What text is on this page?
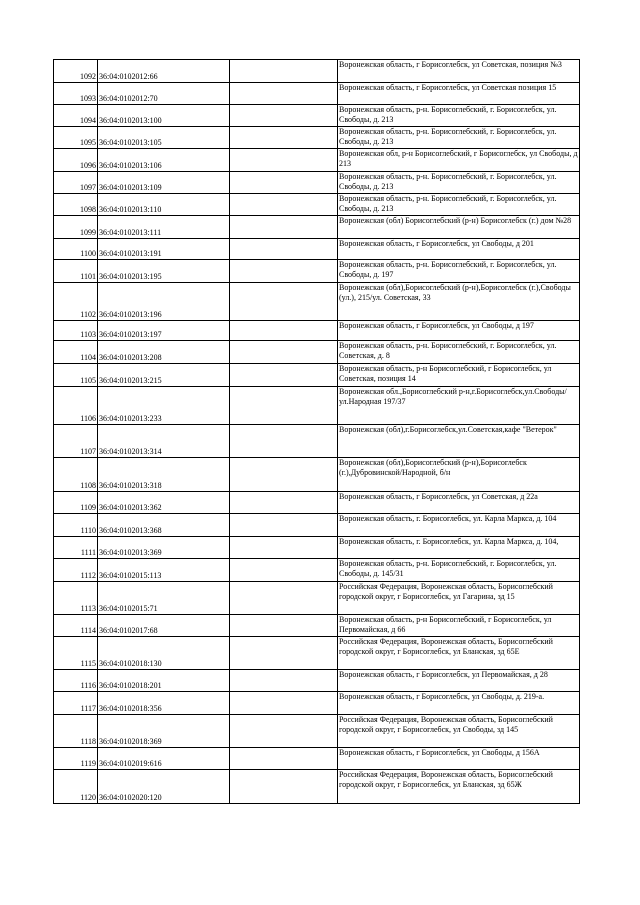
1092	36:04:0102012:66		Воронежская область, г Борисоглебск, ул Советская, позиция №3
1093	36:04:0102012:70		Воронежская область, г Борисоглебск, ул Советская позиция 15
1094	36:04:0102013:100		Воронежская область, р-н. Борисоглебский, г. Борисоглебск, ул. Свободы, д. 213
1095	36:04:0102013:105		Воронежская область, р-н. Борисоглебский, г. Борисоглебск, ул. Свободы, д. 213
1096	36:04:0102013:106		Воронежская обл, р-н Борисоглебский, г Борисоглебск, ул Свободы, д 213
1097	36:04:0102013:109		Воронежская область, р-н. Борисоглебский, г. Борисоглебск, ул. Свободы, д. 213
1098	36:04:0102013:110		Воронежская область, р-н. Борисоглебский, г. Борисоглебск, ул. Свободы, д. 213
1099	36:04:0102013:111		Воронежская (обл) Борисоглебский (р-н) Борисоглебск (г.) дом №28
1100	36:04:0102013:191		Воронежская область, г Борисоглебск, ул Свободы, д 201
1101	36:04:0102013:195		Воронежская область, р-н. Борисоглебский, г. Борисоглебск, ул. Свободы, д. 197
1102	36:04:0102013:196		Воронежская (обл),Борисоглебский (р-н),Борисоглебск (г.),Свободы (ул.), 215/ул. Советская, 33
1103	36:04:0102013:197		Воронежская область, г Борисоглебск, ул Свободы, д 197
1104	36:04:0102013:208		Воронежская область, р-н. Борисоглебский, г. Борисоглебск, ул. Советская, д. 8
1105	36:04:0102013:215		Воронежская область, р-н Борисоглебский, г Борисоглебск, ул Советская, позиция 14
1106	36:04:0102013:233		Воронежская обл.,Борисоглебский р-н,г.Борисоглебск,ул.Свободы/ул.Народная 197/37
1107	36:04:0102013:314		Воронежская (обл),г.Борисоглебск,ул.Советская,кафе "Ветерок"
1108	36:04:0102013:318		Воронежская (обл),Борисоглебский (р-н),Борисоглебск (г.),Дубровинской/Народной, б/н
1109	36:04:0102013:362		Воронежская область, г Борисоглебск, ул Советская, д 22а
1110	36:04:0102013:368		Воронежская область, г. Борисоглебск, ул. Карла Маркса, д. 104
1111	36:04:0102013:369		Воронежская область, г. Борисоглебск, ул. Карла Маркса, д. 104,
1112	36:04:0102015:113		Воронежская область, р-н. Борисоглебский, г. Борисоглебск, ул. Свободы, д. 145/31
1113	36:04:0102015:71		Российская Федерация, Воронежская область, Борисоглебский городской округ, г Борисоглебск, ул Гагарина, зд 15
1114	36:04:0102017:68		Воронежская область, р-н Борисоглебский, г Борисоглебск, ул Первомайская, д 66
1115	36:04:0102018:130		Российская Федерация, Воронежская область, Борисоглебский городской округ, г Борисоглебск, ул Бланская, зд 65Е
1116	36:04:0102018:201		Воронежская область, г Борисоглебск, ул Первомайская, д 28
1117	36:04:0102018:356		Воронежская область, г Борисоглебск, ул Свободы, д. 219-а.
1118	36:04:0102018:369		Российская Федерация, Воронежская область, Борисоглебский городской округ, г Борисоглебск, ул Свободы, зд 145
1119	36:04:0102019:616		Воронежская область, г Борисоглебск, ул Свободы, д 156А
1120	36:04:0102020:120		Российская Федерация, Воронежская область, Борисоглебский городской округ, г Борисоглебск, ул Бланская, зд 65Ж
